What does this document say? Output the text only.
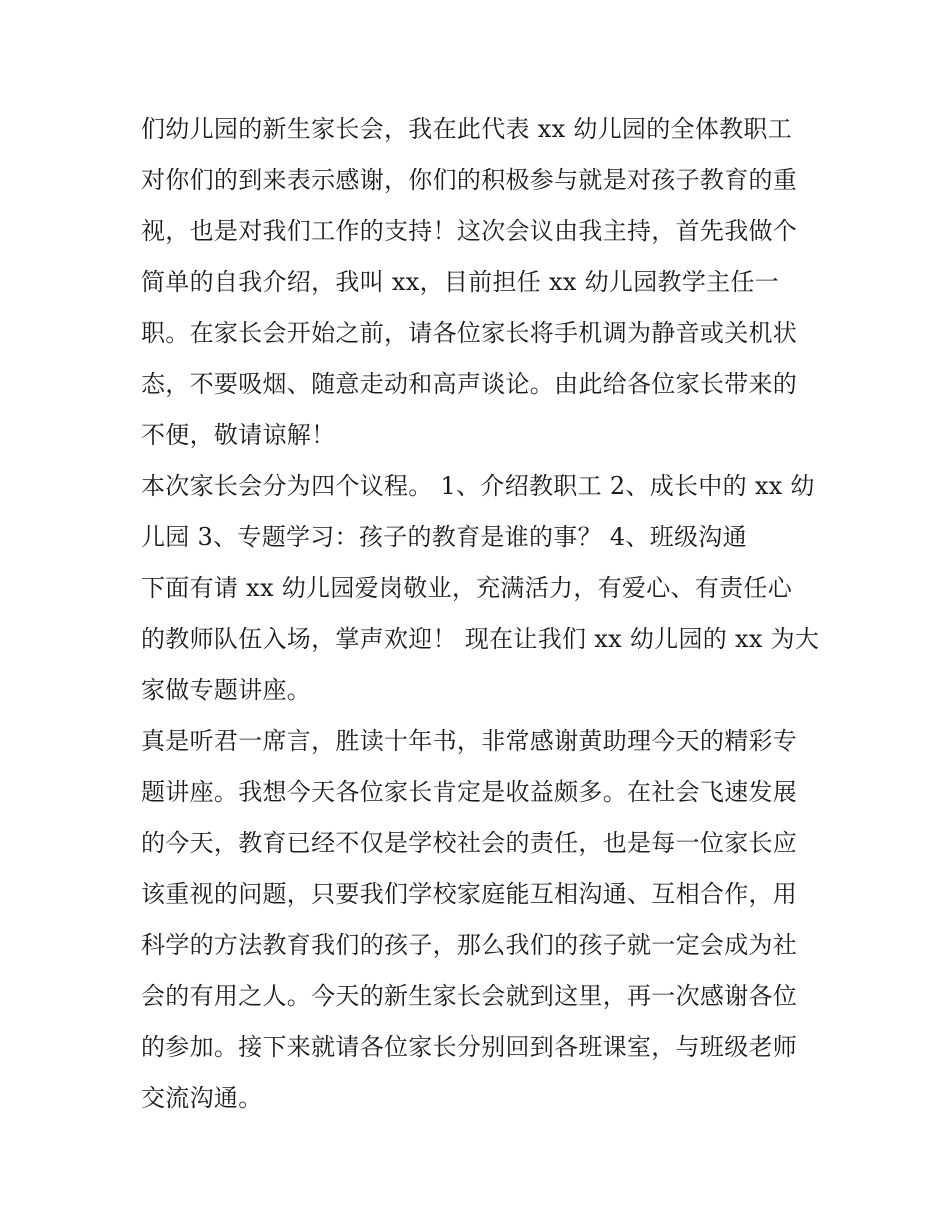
们幼儿园的新生家长会，我在此代表 xx 幼儿园的全体教职工
对你们的到来表示感谢，你们的积极参与就是对孩子教育的重
视，也是对我们工作的支持！这次会议由我主持，首先我做个
简单的自我介绍，我叫 xx，目前担任 xx 幼儿园教学主任一
职。在家长会开始之前，请各位家长将手机调为静音或关机状
态，不要吸烟、随意走动和高声谈论。由此给各位家长带来的
不便，敬请谅解！
本次家长会分为四个议程。 1、介绍教职工 2、成长中的 xx 幼
儿园 3、专题学习：孩子的教育是谁的事？ 4、班级沟通
下面有请 xx 幼儿园爱岗敬业，充满活力，有爱心、有责任心
的教师队伍入场，掌声欢迎！ 现在让我们 xx 幼儿园的 xx 为大
家做专题讲座。
真是听君一席言，胜读十年书，非常感谢黄助理今天的精彩专
题讲座。我想今天各位家长肯定是收益颇多。在社会飞速发展
的今天，教育已经不仅是学校社会的责任，也是每一位家长应
该重视的问题，只要我们学校家庭能互相沟通、互相合作，用
科学的方法教育我们的孩子，那么我们的孩子就一定会成为社
会的有用之人。今天的新生家长会就到这里，再一次感谢各位
的参加。接下来就请各位家长分别回到各班课室，与班级老师
交流沟通。
